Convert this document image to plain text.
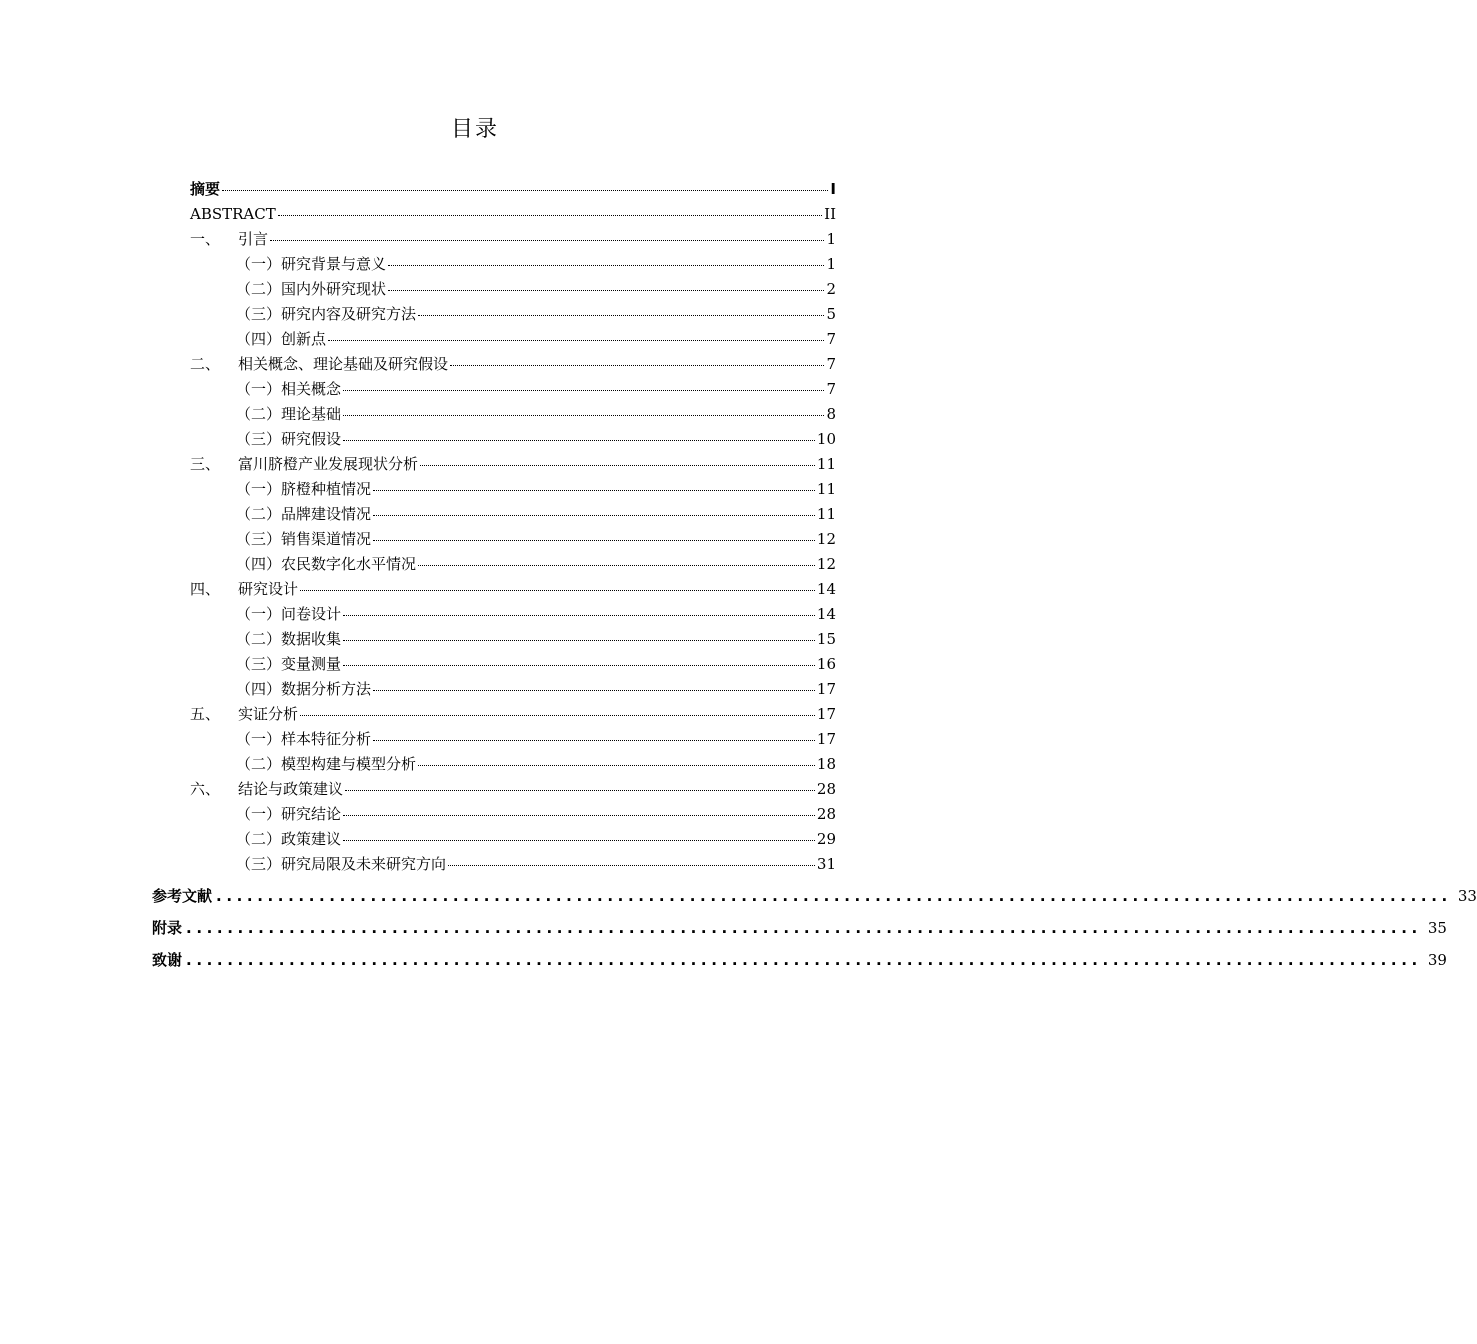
目录
摘要	I
ABSTRACT	II
一、	引言	1
（一）研究背景与意义	1
（二）国内外研究现状	2
（三）研究内容及研究方法	5
（四）创新点	7
二、	相关概念、理论基础及研究假设	7
（一）相关概念	7
（二）理论基础	8
（三）研究假设	10
三、	富川脐橙产业发展现状分析	11
（一）脐橙种植情况	11
（二）品牌建设情况	11
（三）销售渠道情况	12
（四）农民数字化水平情况	12
四、	研究设计	14
（一）问卷设计	14
（二）数据收集	15
（三）变量测量	16
（四）数据分析方法	17
五、	实证分析	17
（一）样本特征分析	17
（二）模型构建与模型分析	18
六、	结论与政策建议	28
（一）研究结论	28
（二）政策建议	29
（三）研究局限及未来研究方向	31
参考文献 ........................................................................................................................ 33
附录 ........................................................................................................................ 35
致谢 ........................................................................................................................ 39
